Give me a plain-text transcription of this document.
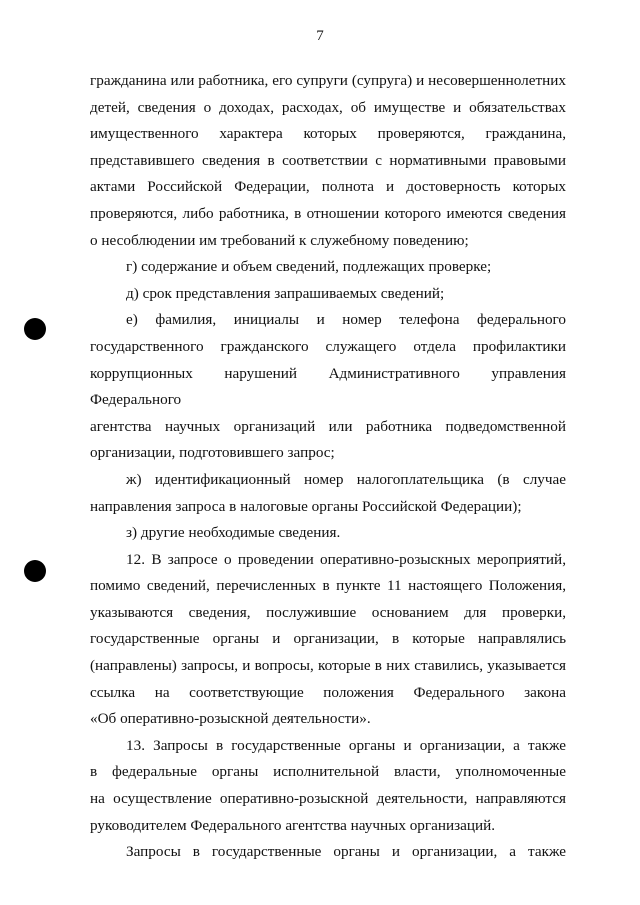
7
гражданина или работника, его супруги (супруга) и несовершеннолетних
детей, сведения о доходах, расходах, об имуществе и обязательствах
имущественного характера которых проверяются, гражданина,
представившего сведения в соответствии с нормативными правовыми
актами Российской Федерации, полнота и достоверность которых
проверяются, либо работника, в отношении которого имеются сведения
о несоблюдении им требований к служебному поведению;
г) содержание и объем сведений, подлежащих проверке;
д) срок представления запрашиваемых сведений;
е) фамилия, инициалы и номер телефона федерального
государственного гражданского служащего отдела профилактики
коррупционных нарушений Административного управления Федерального
агентства научных организаций или работника подведомственной
организации, подготовившего запрос;
ж) идентификационный номер налогоплательщика (в случае
направления запроса в налоговые органы Российской Федерации);
з) другие необходимые сведения.
12. В запросе о проведении оперативно-розыскных мероприятий,
помимо сведений, перечисленных в пункте 11 настоящего Положения,
указываются сведения, послужившие основанием для проверки,
государственные органы и организации, в которые направлялись
(направлены) запросы, и вопросы, которые в них ставились, указывается
ссылка на соответствующие положения Федерального закона
«Об оперативно-розыскной деятельности».
13. Запросы в государственные органы и организации, а также
в федеральные органы исполнительной власти, уполномоченные
на осуществление оперативно-розыскной деятельности, направляются
руководителем Федерального агентства научных организаций.
Запросы в государственные органы и организации, а также
